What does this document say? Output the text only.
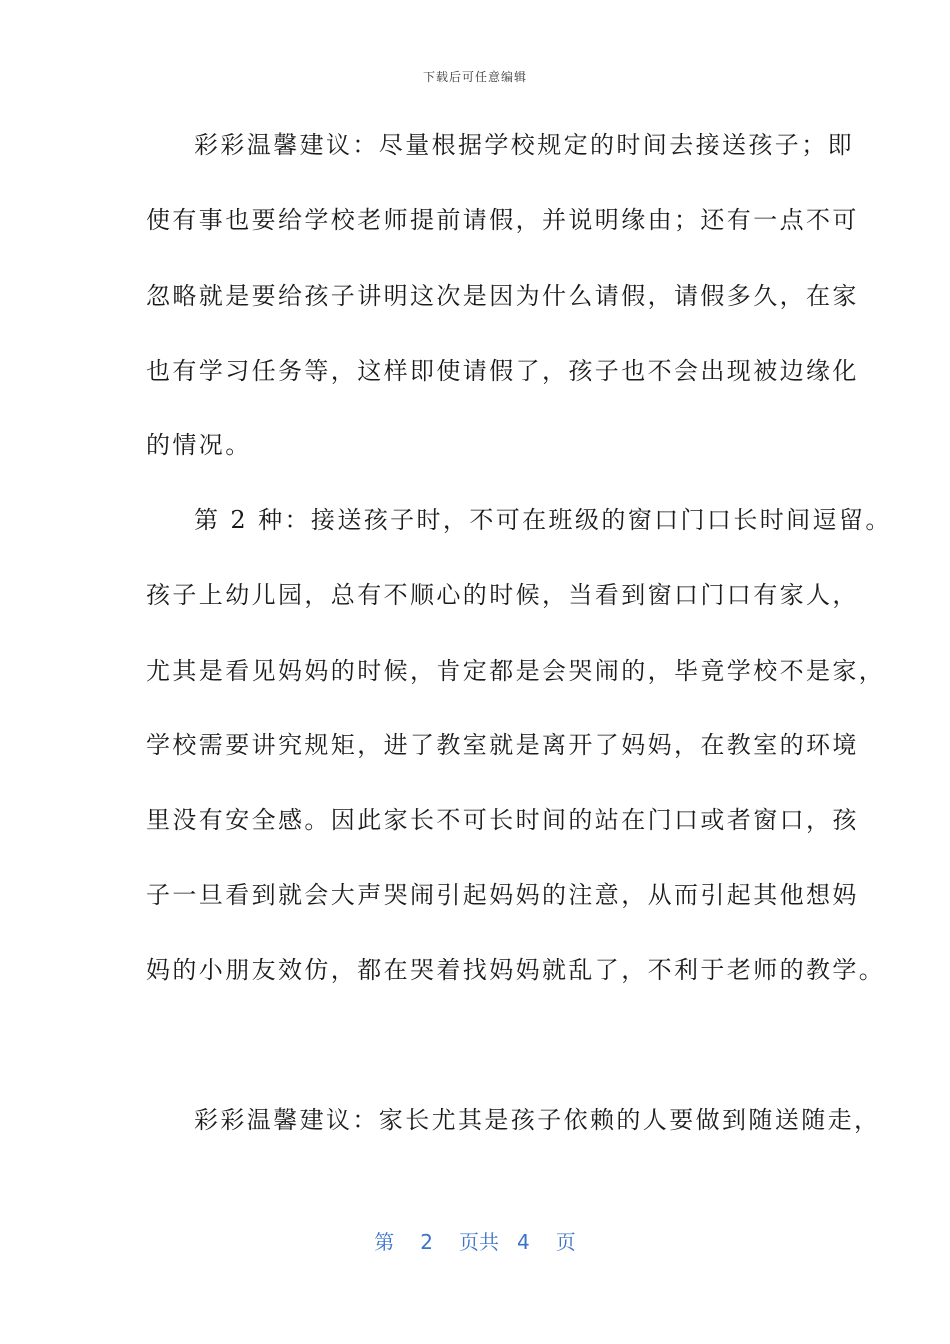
下载后可任意编辑
彩彩温馨建议：尽量根据学校规定的时间去接送孩子；即
使有事也要给学校老师提前请假，并说明缘由；还有一点不可
忽略就是要给孩子讲明这次是因为什么请假，请假多久，在家
也有学习任务等，这样即使请假了，孩子也不会出现被边缘化
的情况。
第 2 种：接送孩子时，不可在班级的窗口门口长时间逗留。
孩子上幼儿园，总有不顺心的时候，当看到窗口门口有家人，
尤其是看见妈妈的时候，肯定都是会哭闹的，毕竟学校不是家，
学校需要讲究规矩，进了教室就是离开了妈妈，在教室的环境
里没有安全感。因此家长不可长时间的站在门口或者窗口，孩
子一旦看到就会大声哭闹引起妈妈的注意，从而引起其他想妈
妈的小朋友效仿，都在哭着找妈妈就乱了，不利于老师的教学。
彩彩温馨建议：家长尤其是孩子依赖的人要做到随送随走，
第 2 页共 4 页
